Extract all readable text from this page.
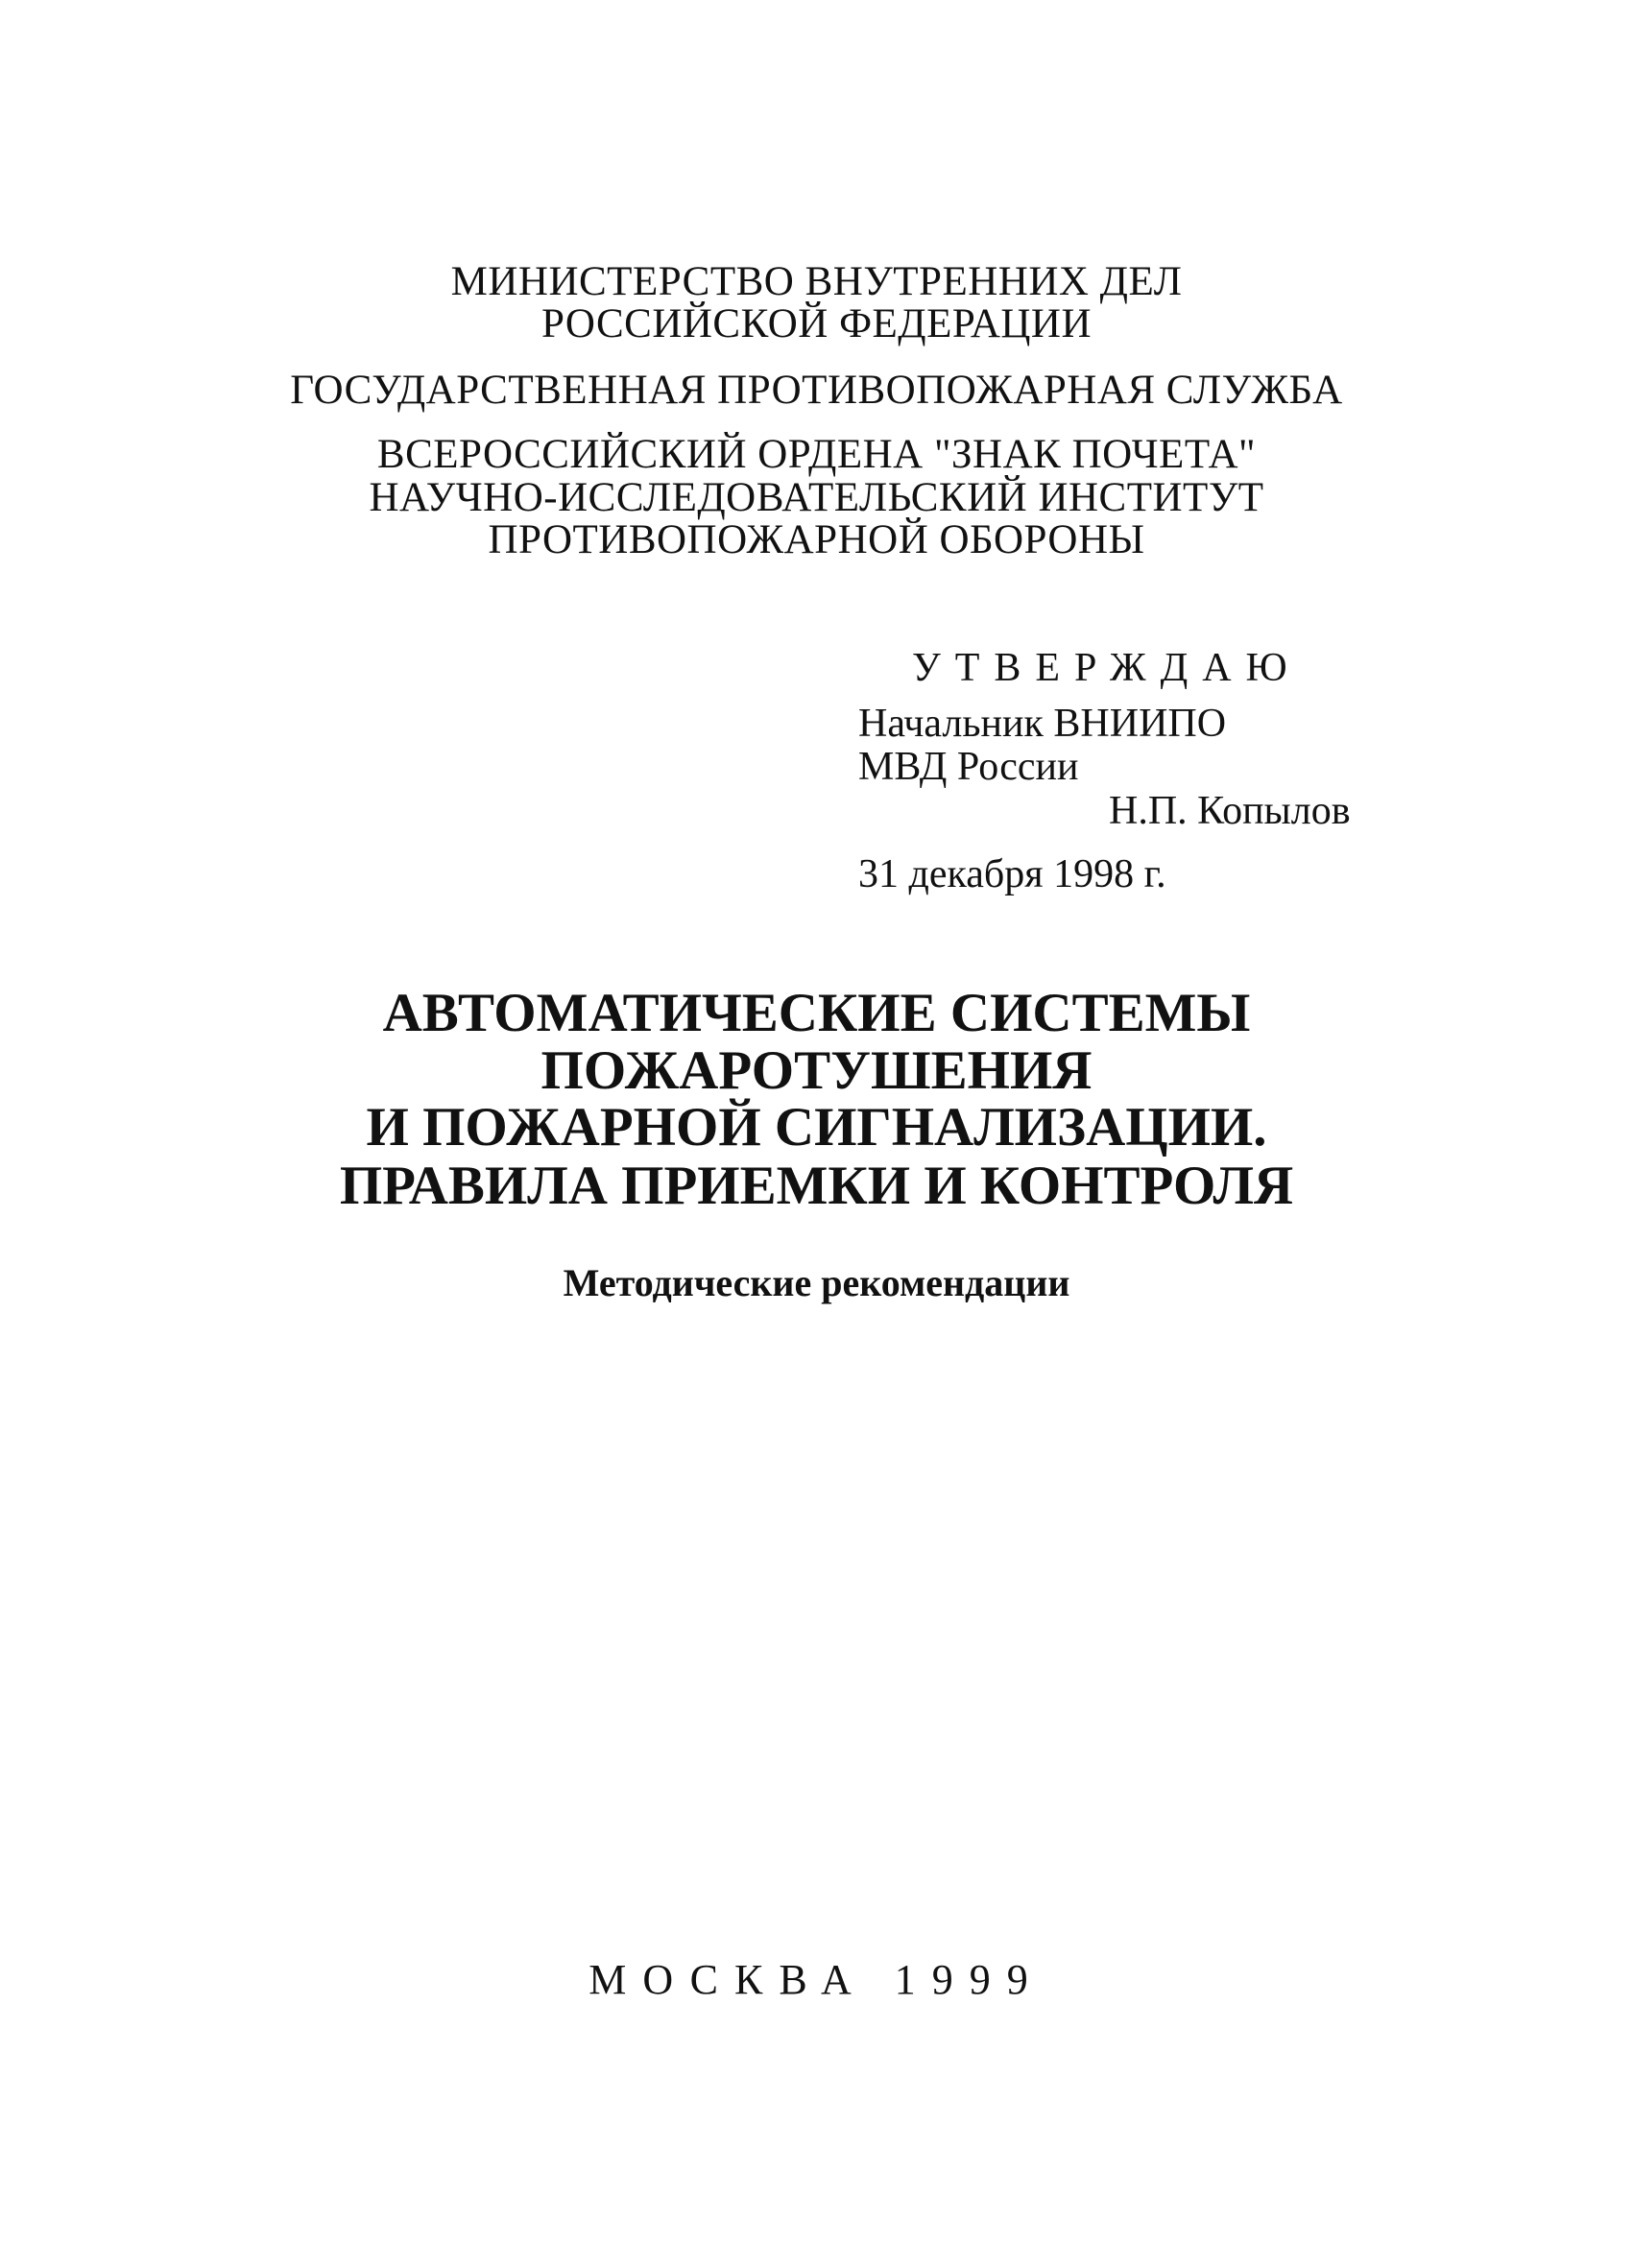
МИНИСТЕРСТВО ВНУТРЕННИХ ДЕЛ
РОССИЙСКОЙ ФЕДЕРАЦИИ
ГОСУДАРСТВЕННАЯ ПРОТИВОПОЖАРНАЯ СЛУЖБА
ВСЕРОССИЙСКИЙ ОРДЕНА "ЗНАК ПОЧЕТА"
НАУЧНО-ИССЛЕДОВАТЕЛЬСКИЙ ИНСТИТУТ
ПРОТИВОПОЖАРНОЙ ОБОРОНЫ
УТВЕРЖДАЮ
Начальник ВНИИПО
МВД России
Н.П. Копылов
31 декабря 1998 г.
АВТОМАТИЧЕСКИЕ СИСТЕМЫ
ПОЖАРОТУШЕНИЯ
И ПОЖАРНОЙ СИГНАЛИЗАЦИИ.
ПРАВИЛА ПРИЕМКИ И КОНТРОЛЯ
Методические рекомендации
МОСКВА 1999
